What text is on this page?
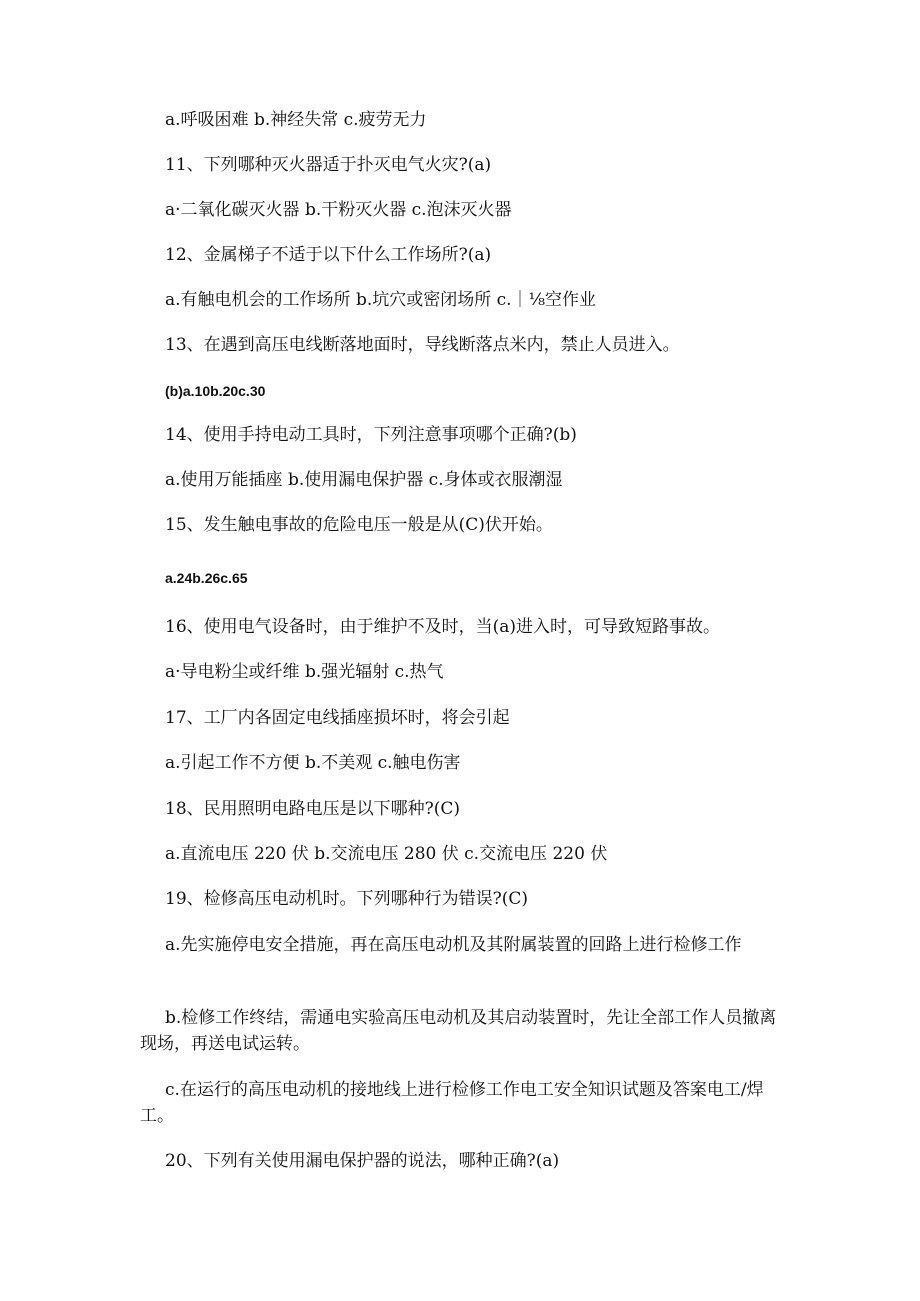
a.呼吸困难 b.神经失常 c.疲劳无力
11、下列哪种灭火器适于扑灭电气火灾?(a)
a·二氧化碳灭火器 b.干粉灭火器 c.泡沫灭火器
12、金属梯子不适于以下什么工作场所?(a)
a.有触电机会的工作场所 b.坑穴或密闭场所 c.｜⅛空作业
13、在遇到高压电线断落地面时，导线断落点米内，禁止人员进入。
(b)a.10b.20c.30
14、使用手持电动工具时，下列注意事项哪个正确?(b)
a.使用万能插座 b.使用漏电保护器 c.身体或衣服潮湿
15、发生触电事故的危险电压一般是从(C)伏开始。
a.24b.26c.65
16、使用电气设备时，由于维护不及时，当(a)进入时，可导致短路事故。
a·导电粉尘或纤维 b.强光辐射 c.热气
17、工厂内各固定电线插座损坏时，将会引起
a.引起工作不方便 b.不美观 c.触电伤害
18、民用照明电路电压是以下哪种?(C)
a.直流电压 220 伏 b.交流电压 280 伏 c.交流电压 220 伏
19、检修高压电动机时。下列哪种行为错误?(C)
a.先实施停电安全措施，再在高压电动机及其附属装置的回路上进行检修工作
b.检修工作终结，需通电实验高压电动机及其启动装置时，先让全部工作人员撤离现场，再送电试运转。
c.在运行的高压电动机的接地线上进行检修工作电工安全知识试题及答案电工/焊工。
20、下列有关使用漏电保护器的说法，哪种正确?(a)
